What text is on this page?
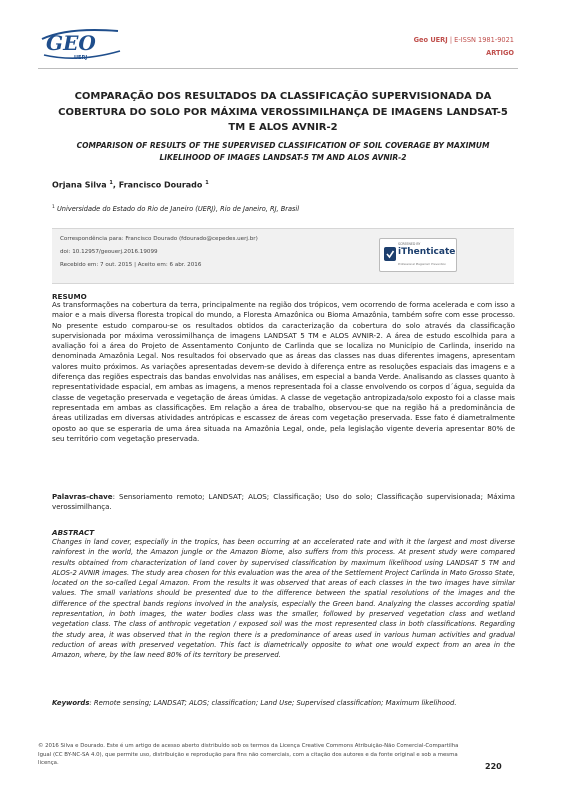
GEO
UERJ
Geo UERJ | E-ISSN 1981-9021
ARTIGO
COMPARAÇÃO DOS RESULTADOS DA CLASSIFICAÇÃO SUPERVISIONADA DA COBERTURA DO SOLO POR MÁXIMA VEROSSIMILHANÇA DE IMAGENS LANDSAT-5 TM E ALOS AVNIR-2
COMPARISON OF RESULTS OF THE SUPERVISED CLASSIFICATION OF SOIL COVERAGE BY MAXIMUM LIKELIHOOD OF IMAGES LANDSAT-5 TM AND ALOS AVNIR-2
Orjana Silva $^1$, Francisco Dourado $^1$
$^1$ Universidade do Estado do Rio de Janeiro (UERJ), Rio de Janeiro, RJ, Brasil
Correspondência para: Francisco Dourado (fdourado@cepedes.uerj.br)
doi: 10.12957/geouerj.2016.19099
Recebido em: 7 out. 2015 | Aceito em: 6 abr. 2016
SCREENED BY
iThenticate
Professional Plagiarism Prevention
RESUMO
As transformações na cobertura da terra, principalmente na região dos trópicos, vem ocorrendo de forma acelerada e com isso a maior e a mais diversa floresta tropical do mundo, a Floresta Amazônica ou Bioma Amazônia, também sofre com esse processo. No presente estudo comparou-se os resultados obtidos da caracterização da cobertura do solo através da classificação supervisionada por máxima verossimilhança de imagens LANDSAT 5 TM e ALOS AVNIR-2. A área de estudo escolhida para a avaliação foi a área do Projeto de Assentamento Conjunto de Carlinda que se localiza no Município de Carlinda, inserido na denominada Amazônia Legal. Nos resultados foi observado que as áreas das classes nas duas diferentes imagens, apresentam valores muito próximos. As variações apresentadas devem-se devido à diferença entre as resoluções espaciais das imagens e a diferença das regiões espectrais das bandas envolvidas nas análises, em especial a banda Verde. Analisando as classes quanto à representatividade espacial, em ambas as imagens, a menos representada foi a classe envolvendo os corpos d´água, seguida da classe de vegetação preservada e vegetação de áreas úmidas. A classe de vegetação antropizada/solo exposto foi a classe mais representada em ambas as classificações. Em relação a área de trabalho, observou-se que na região há a predominância de áreas utilizadas em diversas atividades antrópicas e escassez de áreas com vegetação preservada. Esse fato é diametralmente oposto ao que se esperaria de uma área situada na Amazônia Legal, onde, pela legislação vigente deveria apresentar 80% de seu território com vegetação preservada.
Palavras-chave: Sensoriamento remoto; LANDSAT; ALOS; Classificação; Uso do solo; Classificação supervisionada; Máxima verossimilhança.
ABSTRACT
Changes in land cover, especially in the tropics, has been occurring at an accelerated rate and with it the largest and most diverse rainforest in the world, the Amazon jungle or the Amazon Biome, also suffers from this process. At present study were compared results obtained from characterization of land cover by supervised classification by maximum likelihood using LANDSAT 5 TM and ALOS-2 AVNIR images. The study area chosen for this evaluation was the area of the Settlement Project Carlinda in Mato Grosso State, located on the so-called Legal Amazon. From the results it was observed that areas of each classes in the two images have similar values. The small variations should be presented due to the difference between the spatial resolutions of the images and the difference of the spectral bands regions involved in the analysis, especially the Green band. Analyzing the classes according spatial representation, in both images, the water bodies class was the smaller, followed by preserved vegetation class and wetland vegetation class. The class of anthropic vegetation / exposed soil was the most represented class in both classifications. Regarding the study area, it was observed that in the region there is a predominance of areas used in various human activities and gradual reduction of areas with preserved vegetation. This fact is diametrically opposite to what one would expect from an area in the Amazon, where, by the law need 80% of its territory be preserved.
Keywords: Remote sensing; LANDSAT; ALOS; classification; Land Use; Supervised classification; Maximum likelihood.
© 2016 Silva e Dourado. Este é um artigo de acesso aberto distribuído sob os termos da Licença Creative Commons Atribuição-Não Comercial-Compartilha Igual (CC BY-NC-SA 4.0), que permite uso, distribuição e reprodução para fins não comerciais, com a citação dos autores e da fonte original e sob a mesma licença.	220
